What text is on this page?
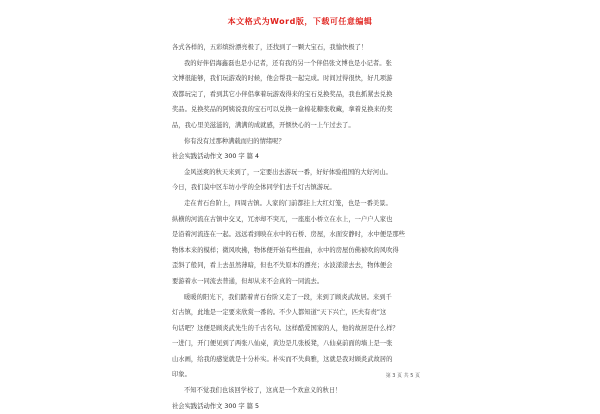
本文格式为Word版，下载可任意编辑
各式各样的，五彩缤纷漂亮极了，还找到了一颗大宝石，我愉快极了！
我的好伴侣海鑫磊也是小记者，还有我的另一个伴侣张文博也是小记者。张
文博很能够，我们玩游戏的时候，他会帮我一起完成。时间过得很快，好几项游
戏都玩完了，看到其它小伴侣拿着玩游戏得来的宝石兑换奖品，我也抓紧去兑换
奖品。兑换奖品的阿姨说我的宝石可以兑换一盒棉花糖张收藏，拿着兑换来的奖
品，我心里美滋滋的，满满的成就感，开惬快心的一上午过去了。
你有没有过那种满载而归的情绪呢？
社会实践活动作文 300 字 篇 4
金风送爽的秋天来到了，一定要出去游玩一番，好好体验祖国的大好河山。
今日，我们莫中区车坊小学的全体同学们去千灯古镇游玩。
走在青石台阶上，四周古镇。人家的门前都挂上大红灯笼，也是一番美景。
纵横的河流在古镇中交叉，冗亦却不突兀，一座座小桥立在水上，一户户人家也
是沿着河流连在一起。远远看到映在水中的石桥、房屋，水面安静时，水中便是那些
物体本来的模样；微风吹拂，物体便开始有些扭曲，水中的房屋仿佛被吹的风吹得
歪斜了般同，看上去虽然薄暗，但也不失原本的漂亮；水波漾漾去去，物体便会
要游着水一同流去普通，但却从来不会真的一同流去。
暖暖的阳光下，我们踏着青石台阶又走了一段，来到了顾炎武故居。来到千
灯古镇，此地是一定要来欣赏一番的。不少人都知道“天下兴亡，匹夫有责”这
句话吧？这便是顾炎武先生的千古名句。这样酷爱国家的人，他的故居是什么样？
一进门，开门便见到了两张八仙桌，黄边是几张板凳，八仙桌前面的墙上是一张
山水画，给我的感觉就是十分朴实。朴实而不失典雅，这就是我对顾炎武故居的
印象。
不知不觉我们也该回学校了，这真是一个欢意义的秋日！
社会实践活动作文 300 字 篇 5
第 3 页 共 5 页
